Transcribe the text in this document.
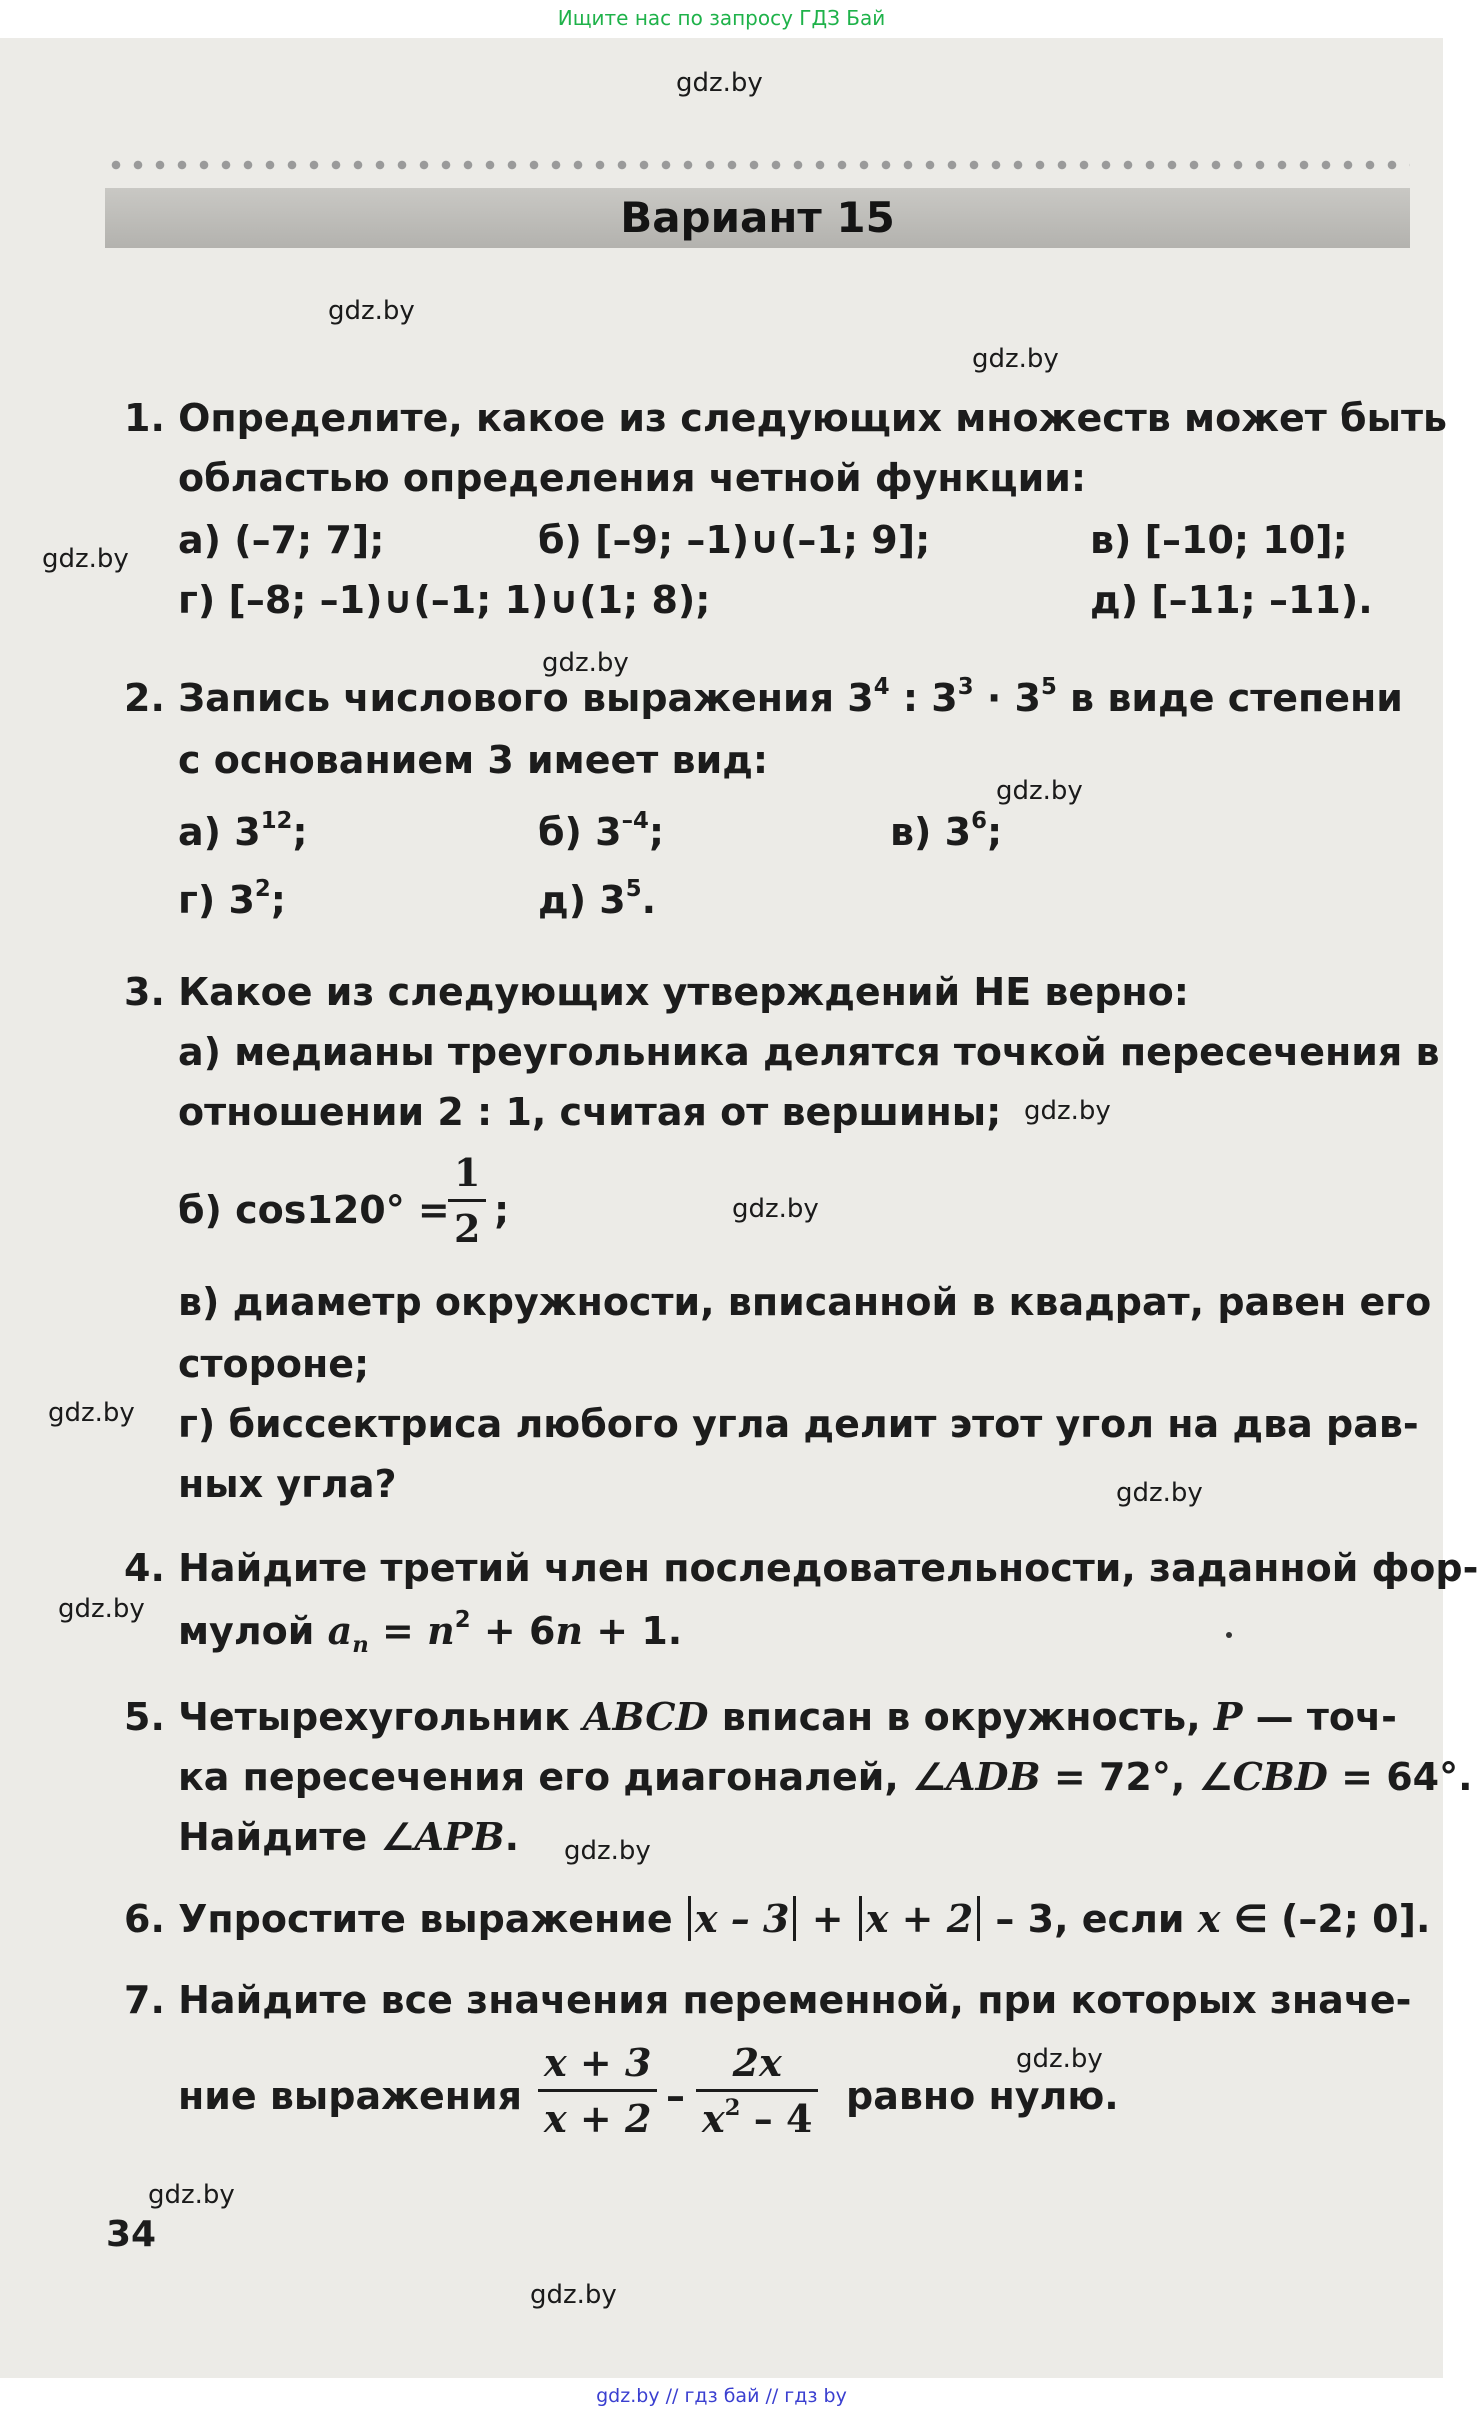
Ищите нас по запросу ГДЗ Бай
gdz.by
gdz.by
gdz.by
gdz.by
gdz.by
gdz.by
gdz.by
gdz.by
gdz.by
gdz.by
gdz.by
gdz.by
gdz.by
gdz.by
gdz.by
Вариант 15
1. Определите, какое из следующих множеств может быть
областью определения четной функции:
а) (–7; 7];	б) [–9; –1)∪(–1; 9];	в) [–10; 10];
г) [–8; –1)∪(–1; 1)∪(1; 8);	д) [–11; –11).
2. Запись числового выражения $3^4$ : $3^3 \cdot 3^5$ в виде степени
с основанием 3 имеет вид:
а) $3^{12}$;	б) $3^{-4}$;	в) $3^6$;
г) $3^2$;	д) $3^5$.
3. Какое из следующих утверждений НЕ верно:
а) медианы треугольника делятся точкой пересечения в
отношении 2 : 1, считая от вершины;
б) cos120° =
$\frac{1}{2}$ ;
в) диаметр окружности, вписанной в квадрат, равен его
стороне;
г) биссектриса любого угла делит этот угол на два рав-
ных угла?
4. Найдите третий член последовательности, заданной фор-
мулой $a_n = n^2 + 6n + 1$.
5. Четырехугольник ABCD вписан в окружность, P — точ-
ка пересечения его диагоналей, ∠ADB = 72°, ∠CBD = 64°.
Найдите ∠APB.
6. Упростите выражение x – 3 + x + 2 – 3, если x ∈ (–2; 0].
7. Найдите все значения переменной, при которых значе-
ние выражения $\frac{x + 3}{x + 2} - \frac{2x}{x^2 - 4}$ равно нулю.
34
gdz.by // гдз бай // гдз by
